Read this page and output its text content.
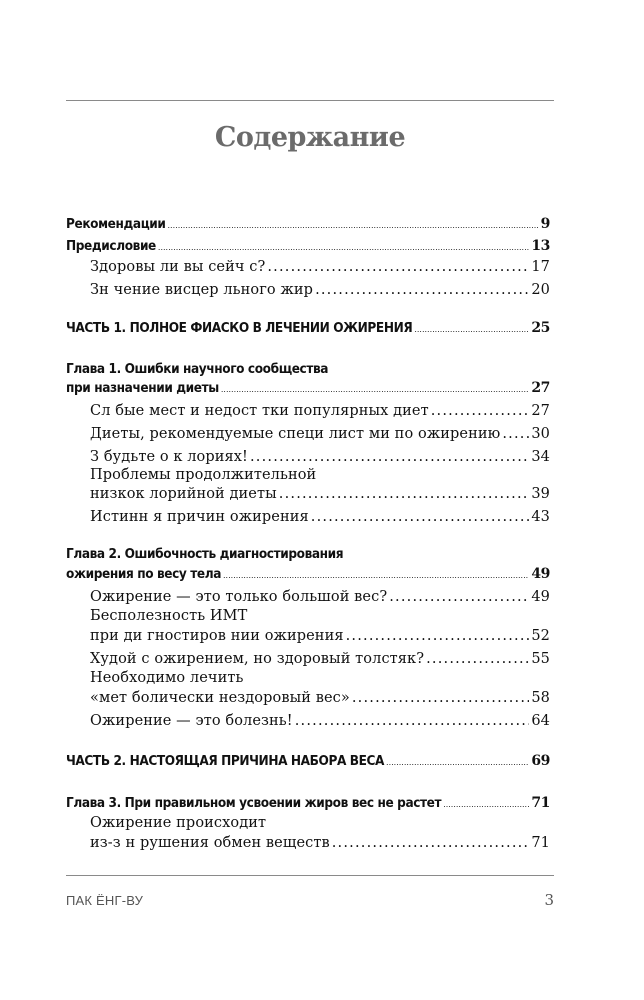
Содержание
Рекомендации .....	9
Предисловие .....	13
Здоровы ли вы сейч с? .....	17
Зн чение висцер льного жир .....	20
ЧАСТЬ 1. ПОЛНОЕ ФИАСКО В ЛЕЧЕНИИ ОЖИРЕНИЯ .....	25
Глава 1. Ошибки научного сообщества
при назначении диеты .....	27
Сл бые мест и недост тки популярных диет .....	27
Диеты, рекомендуемые специ лист ми по ожирению ..... 30
З будьте о к лориях! .....	34
Проблемы продолжительной
низкок лорийной диеты .....	39
Истинн я причин ожирения .....	43
Глава 2. Ошибочность диагностирования
ожирения по весу тела .....	49
Ожирение — это только большой вес? .....	49
Бесполезность ИМТ
при ди гностиров нии ожирения .....	52
Худой с ожирением, но здоровый толстяк? .....	55
Необходимо лечить
«мет болически нездоровый вес» .....	58
Ожирение — это болезнь! .....	64
ЧАСТЬ 2. НАСТОЯЩАЯ ПРИЧИНА НАБОРА ВЕСА .....	69
Глава 3. При правильном усвоении жиров вес не растет .....	71
Ожирение происходит
из-з н рушения обмен веществ .....	71
ПАК ЁНГ-ВУ	3
